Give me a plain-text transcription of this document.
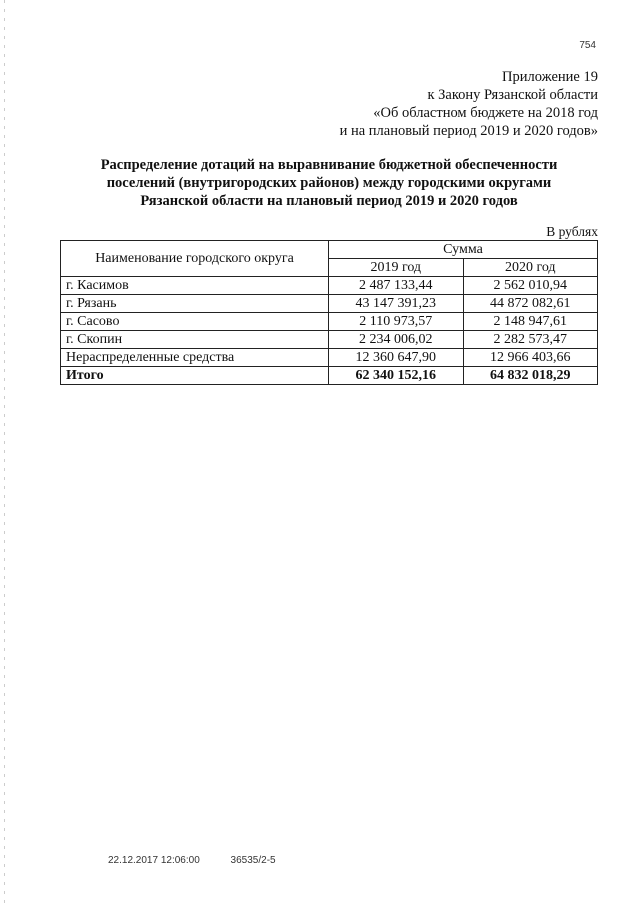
754
Приложение 19
к Закону Рязанской области
«Об областном бюджете на 2018 год
и на плановый период 2019 и 2020 годов»
Распределение дотаций на выравнивание бюджетной обеспеченности
поселений (внутригородских районов) между городскими округами
Рязанской области на плановый период 2019 и 2020 годов
В рублях
Наименование городского округа	Сумма	
	2019 год	2020 год
г. Касимов	2 487 133,44	2 562 010,94
г. Рязань	43 147 391,23	44 872 082,61
г. Сасово	2 110 973,57	2 148 947,61
г. Скопин	2 234 006,02	2 282 573,47
Нераспределенные средства	12 360 647,90	12 966 403,66
Итого	62 340 152,16	64 832 018,29
22.12.2017 12:06:00	36535/2-5
